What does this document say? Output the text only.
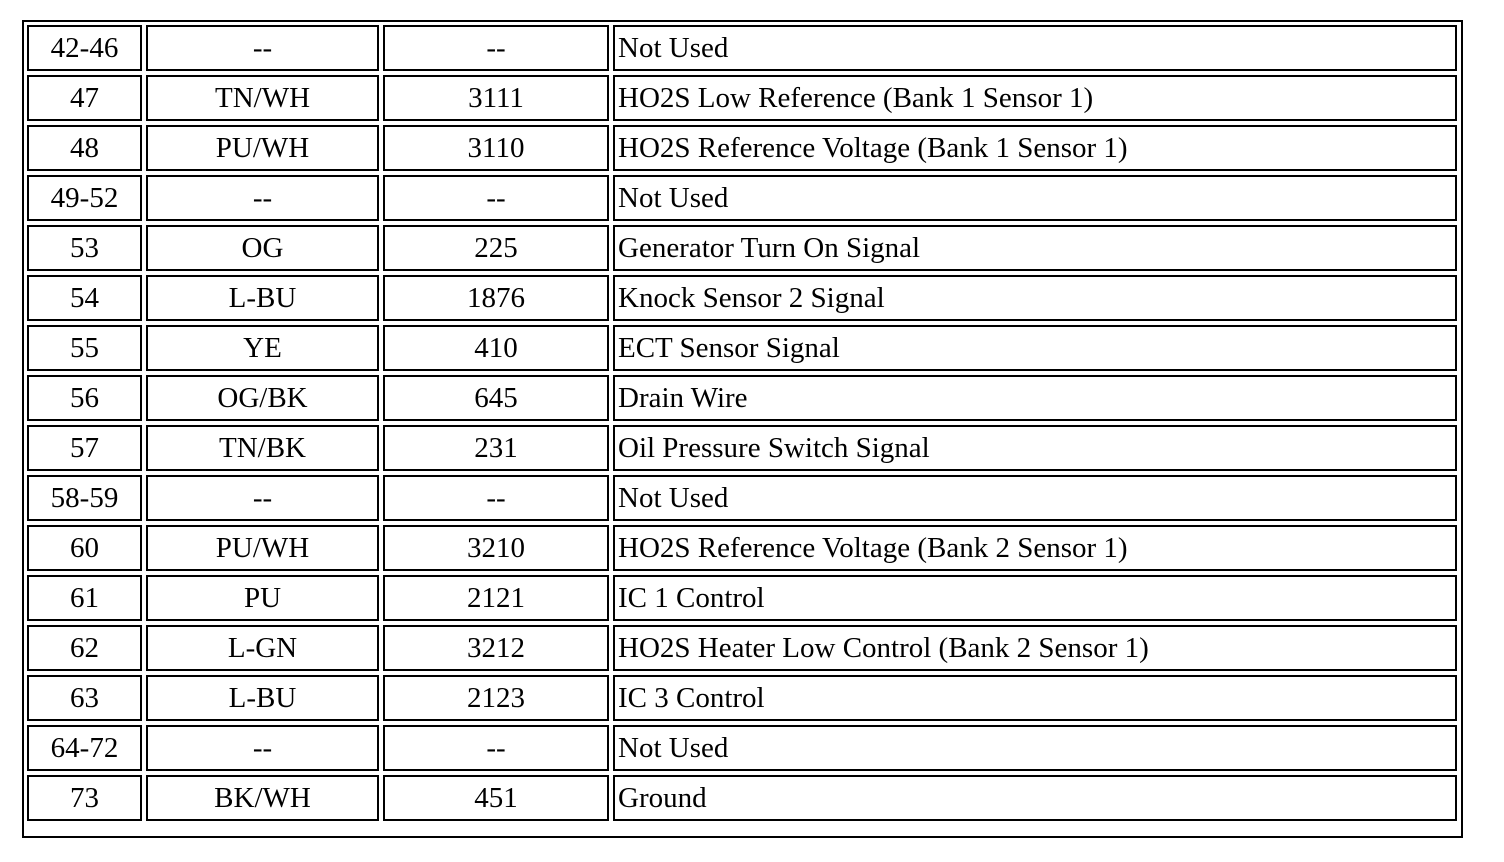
42-46	--	--	Not Used
47	TN/WH	3111	HO2S Low Reference (Bank 1 Sensor 1)
48	PU/WH	3110	HO2S Reference Voltage (Bank 1 Sensor 1)
49-52	--	--	Not Used
53	OG	225	Generator Turn On Signal
54	L-BU	1876	Knock Sensor 2 Signal
55	YE	410	ECT Sensor Signal
56	OG/BK	645	Drain Wire
57	TN/BK	231	Oil Pressure Switch Signal
58-59	--	--	Not Used
60	PU/WH	3210	HO2S Reference Voltage (Bank 2 Sensor 1)
61	PU	2121	IC 1 Control
62	L-GN	3212	HO2S Heater Low Control (Bank 2 Sensor 1)
63	L-BU	2123	IC 3 Control
64-72	--	--	Not Used
73	BK/WH	451	Ground
